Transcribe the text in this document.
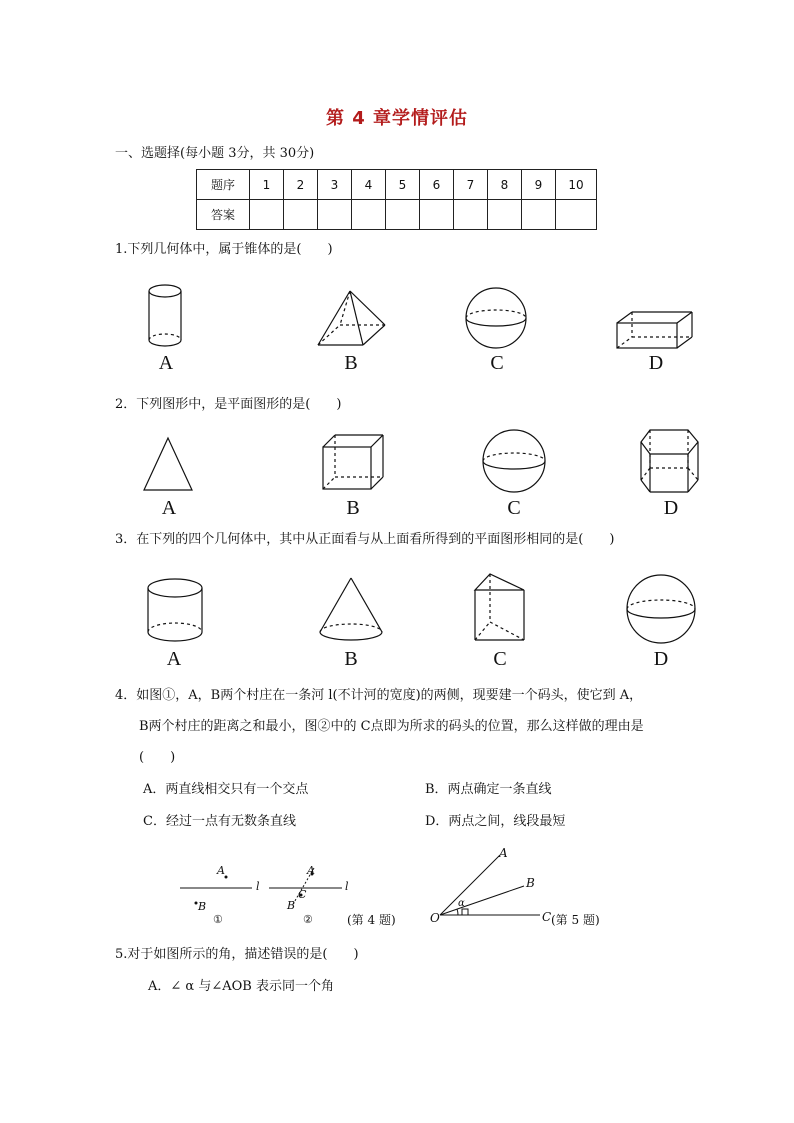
第 4 章学情评估
一、选题择(每小题 3分，共 30分)
题序	1	2	3	4	5	6	7	8	9	10
答案										
1.下列几何体中，属于锥体的是(　　)
A	B	C	D
2．下列图形中，是平面图形的是(　　)
A	B	C	D
3．在下列的四个几何体中，其中从正面看与从上面看所得到的平面图形相同的是(　　)
A	B	C	D
4．如图①，A，B两个村庄在一条河 l(不计河的宽度)的两侧，现要建一个码头，使它到 A，
B两个村庄的距离之和最小，图②中的 C点即为所求的码头的位置，那么这样做的理由是
(　　)
A．两直线相交只有一个交点	B．两点确定一条直线
C．经过一点有无数条直线	D．两点之间，线段最短
A
B
l
A
C
B
l
①	②	(第 4 题)	O
A
B
α
C (第 5 题)
5.对于如图所示的角，描述错误的是(　　)
A．∠ α 与∠AOB 表示同一个角
